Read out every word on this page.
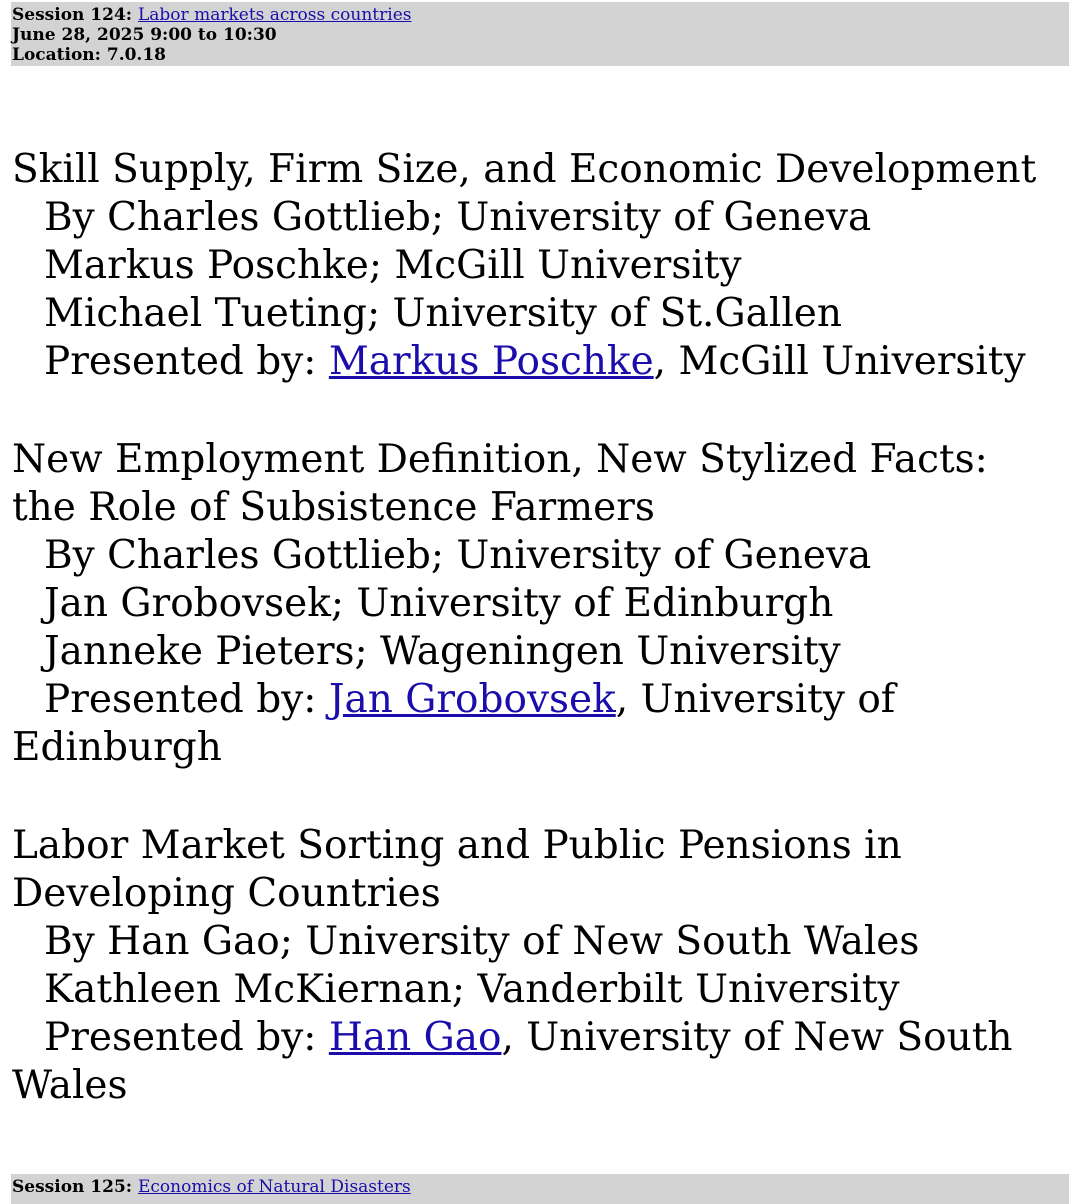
Session 124: Labor markets across countries
June 28, 2025 9:00 to 10:30
Location: 7.0.18

Skill Supply, Firm Size, and Economic Development

By Charles Gottlieb; University of Geneva

Markus Poschke; McGill University

Michael Tueting; University of St.Gallen

Presented by: Markus Poschke, McGill University

New Employment Definition, New Stylized Facts: the Role of Subsistence Farmers

By Charles Gottlieb; University of Geneva

Jan Grobovsek; University of Edinburgh

Janneke Pieters; Wageningen University

Presented by: Jan Grobovsek, University of Edinburgh

Labor Market Sorting and Public Pensions in Developing Countries

By Han Gao; University of New South Wales

Kathleen McKiernan; Vanderbilt University

Presented by: Han Gao, University of New South Wales

Session 125: Economics of Natural Disasters
